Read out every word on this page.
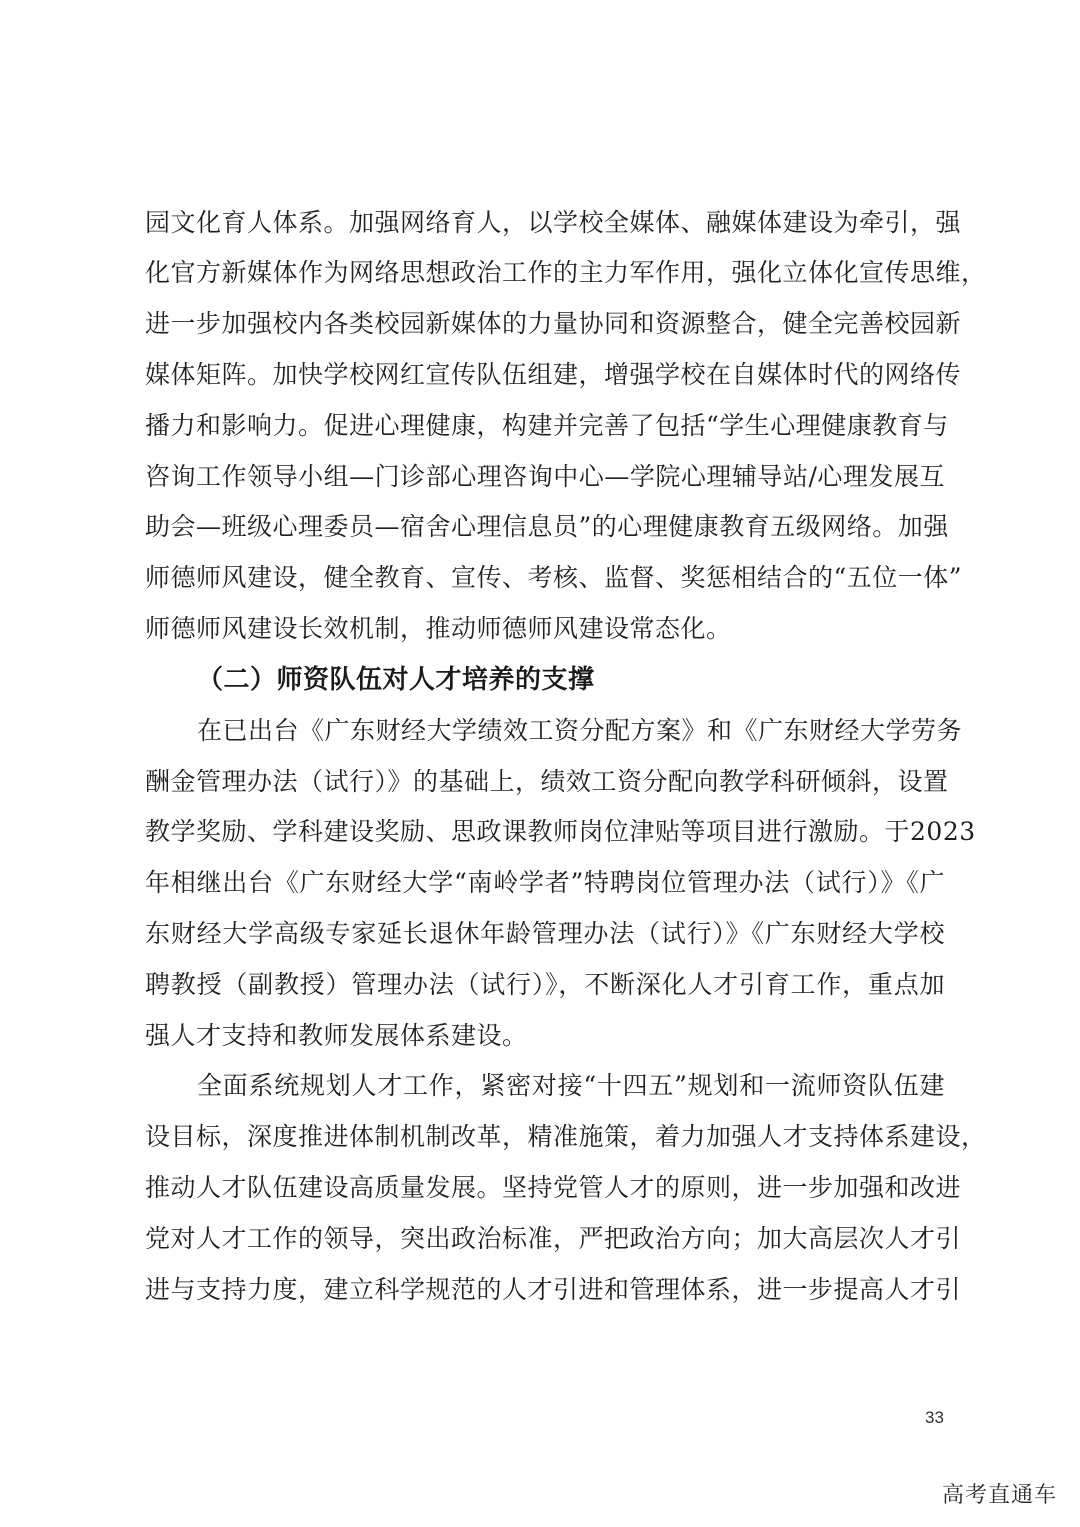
园文化育人体系。加强网络育人，以学校全媒体、融媒体建设为牵引，强
化官方新媒体作为网络思想政治工作的主力军作用，强化立体化宣传思维，
进一步加强校内各类校园新媒体的力量协同和资源整合，健全完善校园新
媒体矩阵。加快学校网红宣传队伍组建，增强学校在自媒体时代的网络传
播力和影响力。促进心理健康，构建并完善了包括“学生心理健康教育与
咨询工作领导小组—门诊部心理咨询中心—学院心理辅导站/心理发展互
助会—班级心理委员—宿舍心理信息员”的心理健康教育五级网络。加强
师德师风建设，健全教育、宣传、考核、监督、奖惩相结合的“五位一体”
师德师风建设长效机制，推动师德师风建设常态化。
（二）师资队伍对人才培养的支撑
在已出台《广东财经大学绩效工资分配方案》和《广东财经大学劳务
酬金管理办法（试行）》的基础上，绩效工资分配向教学科研倾斜，设置
教学奖励、学科建设奖励、思政课教师岗位津贴等项目进行激励。于2023
年相继出台《广东财经大学“南岭学者”特聘岗位管理办法（试行）》《广
东财经大学高级专家延长退休年龄管理办法（试行）》《广东财经大学校
聘教授（副教授）管理办法（试行）》，不断深化人才引育工作，重点加
强人才支持和教师发展体系建设。
全面系统规划人才工作，紧密对接“十四五”规划和一流师资队伍建
设目标，深度推进体制机制改革，精准施策，着力加强人才支持体系建设，
推动人才队伍建设高质量发展。坚持党管人才的原则，进一步加强和改进
党对人才工作的领导，突出政治标准，严把政治方向；加大高层次人才引
进与支持力度，建立科学规范的人才引进和管理体系，进一步提高人才引
33
高考直通车
